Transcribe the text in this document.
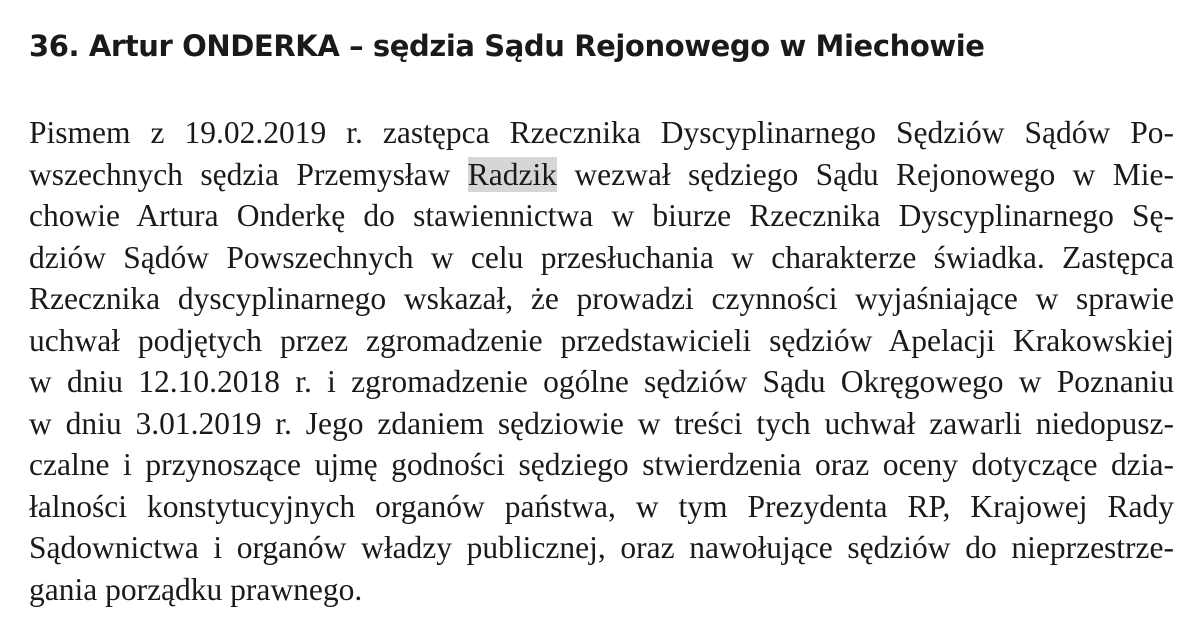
36. Artur ONDERKA – sędzia Sądu Rejonowego w Miechowie
Pismem z 19.02.2019 r. zastępca Rzecznika Dyscyplinarnego Sędziów Sądów Po-
wszechnych sędzia Przemysław Radzik wezwał sędziego Sądu Rejonowego w Mie-
chowie Artura Onderkę do stawiennictwa w biurze Rzecznika Dyscyplinarnego Sę-
dziów Sądów Powszechnych w celu przesłuchania w charakterze świadka. Zastępca
Rzecznika dyscyplinarnego wskazał, że prowadzi czynności wyjaśniające w sprawie
uchwał podjętych przez zgromadzenie przedstawicieli sędziów Apelacji Krakowskiej
w dniu 12.10.2018 r. i zgromadzenie ogólne sędziów Sądu Okręgowego w Poznaniu
w dniu 3.01.2019 r. Jego zdaniem sędziowie w treści tych uchwał zawarli niedopusz-
czalne i przynoszące ujmę godności sędziego stwierdzenia oraz oceny dotyczące dzia-
łalności konstytucyjnych organów państwa, w tym Prezydenta RP, Krajowej Rady
Sądownictwa i organów władzy publicznej, oraz nawołujące sędziów do nieprzestrze-
gania porządku prawnego.
